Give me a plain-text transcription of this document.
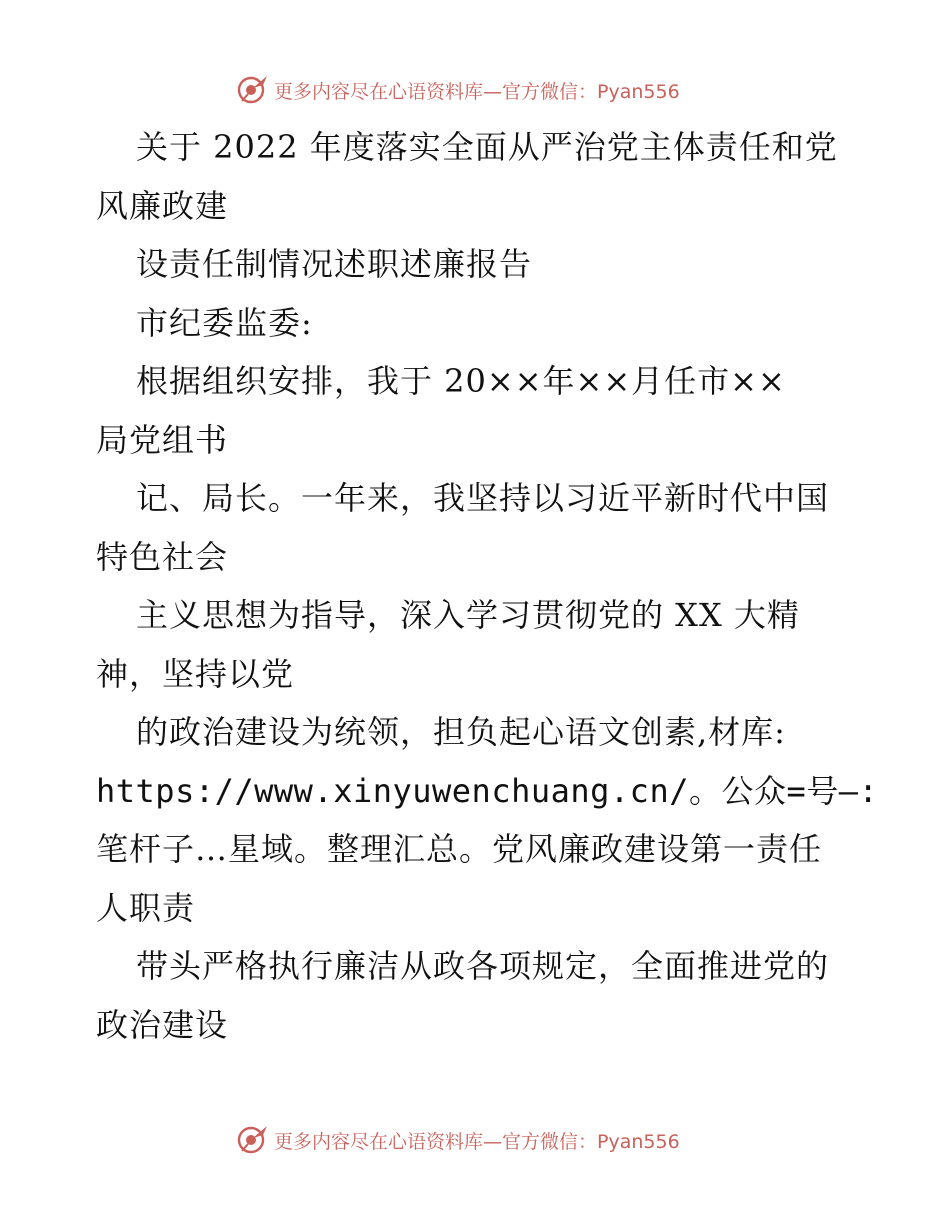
更多内容尽在心语资料库—官方微信：Pyan556
关于 2022 年度落实全面从严治党主体责任和党
风廉政建
设责任制情况述职述廉报告
市纪委监委:
根据组织安排，我于 20××年××月任市××
局党组书
记、局长。一年来，我坚持以习近平新时代中国
特色社会
主义思想为指导，深入学习贯彻党的 XX 大精
神，坚持以党
的政治建设为统领，担负起心语文创素,材库:
https://www.xinyuwenchuang.cn/。公众=号—:
笔杆子…星域。整理汇总。党风廉政建设第一责任
人职责
带头严格执行廉洁从政各项规定，全面推进党的
政治建设
更多内容尽在心语资料库—官方微信：Pyan556
